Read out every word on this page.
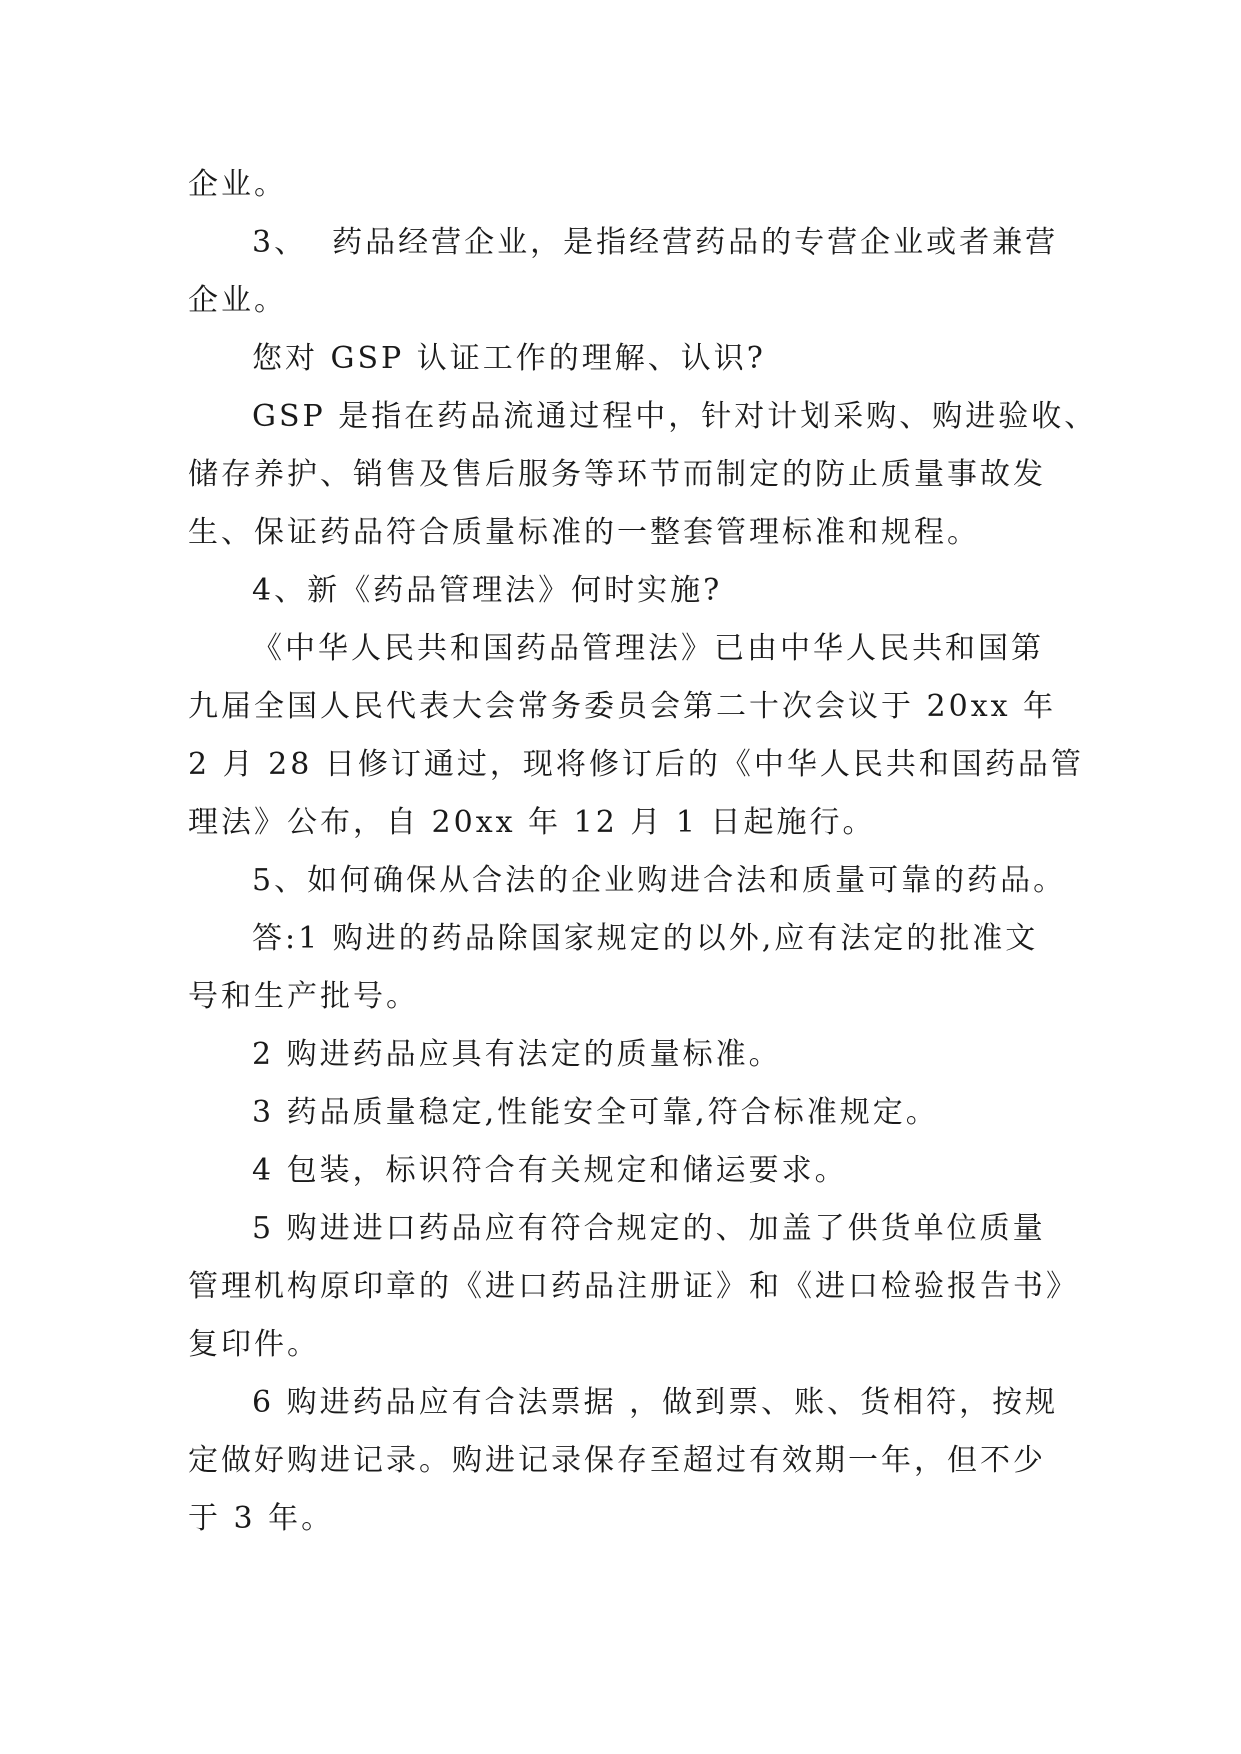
企业。
3、  药品经营企业，是指经营药品的专营企业或者兼营
企业。
您对 GSP 认证工作的理解、认识?
GSP 是指在药品流通过程中，针对计划采购、购进验收、
储存养护、销售及售后服务等环节而制定的防止质量事故发
生、保证药品符合质量标准的一整套管理标准和规程。
4、新《药品管理法》何时实施?
《中华人民共和国药品管理法》已由中华人民共和国第
九届全国人民代表大会常务委员会第二十次会议于 20xx 年
2 月 28 日修订通过，现将修订后的《中华人民共和国药品管
理法》公布，自 20xx 年 12 月 1 日起施行。
5、如何确保从合法的企业购进合法和质量可靠的药品。
答:1 购进的药品除国家规定的以外,应有法定的批准文
号和生产批号。
2 购进药品应具有法定的质量标准。
3 药品质量稳定,性能安全可靠,符合标准规定。
4 包装，标识符合有关规定和储运要求。
5 购进进口药品应有符合规定的、加盖了供货单位质量
管理机构原印章的《进口药品注册证》和《进口检验报告书》
复印件。
6 购进药品应有合法票据 ，做到票、账、货相符，按规
定做好购进记录。购进记录保存至超过有效期一年，但不少
于 3 年。
